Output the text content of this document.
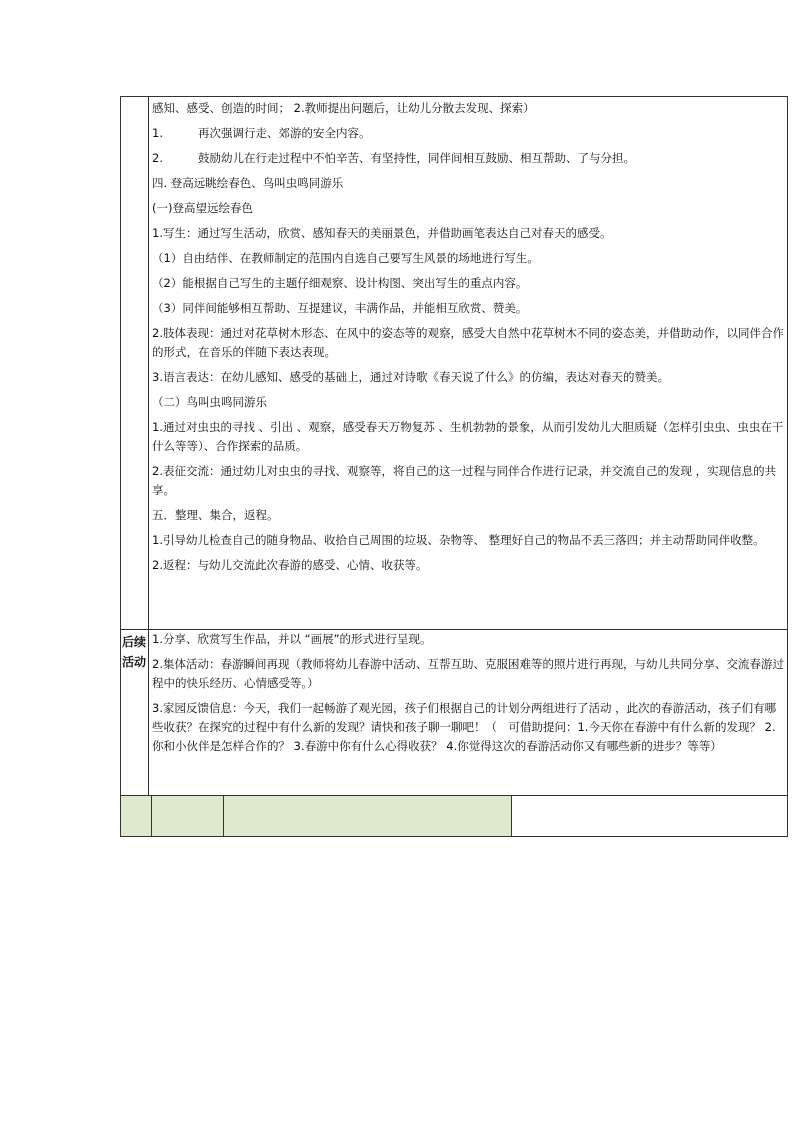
感知、感受、创造的时间； 2.教师提出问题后，让幼儿分散去发现、探索）

1.	再次强调行走、郊游的安全内容。

2.	鼓励幼儿在行走过程中不怕辛苦、有坚持性，同伴间相互鼓励、相互帮助、了与分担。

四. 登高远眺绘春色、鸟叫虫鸣同游乐

(一)登高望远绘春色

1.写生：通过写生活动，欣赏、感知春天的美丽景色，并借助画笔表达自己对春天的感受。

（1）自由结伴、在教师制定的范围内自选自己要写生风景的场地进行写生。

（2）能根据自己写生的主题仔细观察、设计构图、突出写生的重点内容。

（3）同伴间能够相互帮助、互提建议，丰满作品，并能相互欣赏、赞美。

2.肢体表现：通过对花草树木形态、在风中的姿态等的观察，感受大自然中花草树木不同的姿态美，并借助动作，以同伴合作的形式，在音乐的伴随下表达表现。

3.语言表达：在幼儿感知、感受的基础上，通过对诗歌《春天说了什么》的仿编，表达对春天的赞美。

（二）鸟叫虫鸣同游乐

1.通过对虫虫的寻找 、引出 、观察，感受春天万物复苏 、生机勃勃的景象，从而引发幼儿大胆质疑（怎样引虫虫、虫虫在干什么等等）、合作探索的品质。

2.表征交流：通过幼儿对虫虫的寻找、观察等，将自己的这一过程与同伴合作进行记录，并交流自己的发现 ，实现信息的共享。

五．整理、集合，返程。

1.引导幼儿检查自己的随身物品、收拾自己周围的垃圾、杂物等、 整理好自己的物品不丢三落四；并主动帮助同伴收整。

2.返程：与幼儿交流此次春游的感受、心情、收获等。

后续活动

1.分享、欣赏写生作品，并以 “画展”的形式进行呈现。

2.集体活动：春游瞬间再现（教师将幼儿春游中活动、互帮互助、克服困难等的照片进行再现，与幼儿共同分享、交流春游过程中的快乐经历、心情感受等。）

3.家园反馈信息：今天，我们一起畅游了观光园，孩子们根据自己的计划分两组进行了活动 ，此次的春游活动，孩子们有哪些收获？在探究的过程中有什么新的发现？请快和孩子聊一聊吧！（　可借助提问：1.今天你在春游中有什么新的发现？ 2.你和小伙伴是怎样合作的？ 3.春游中你有什么心得收获？ 4.你觉得这次的春游活动你又有哪些新的进步？等等）
